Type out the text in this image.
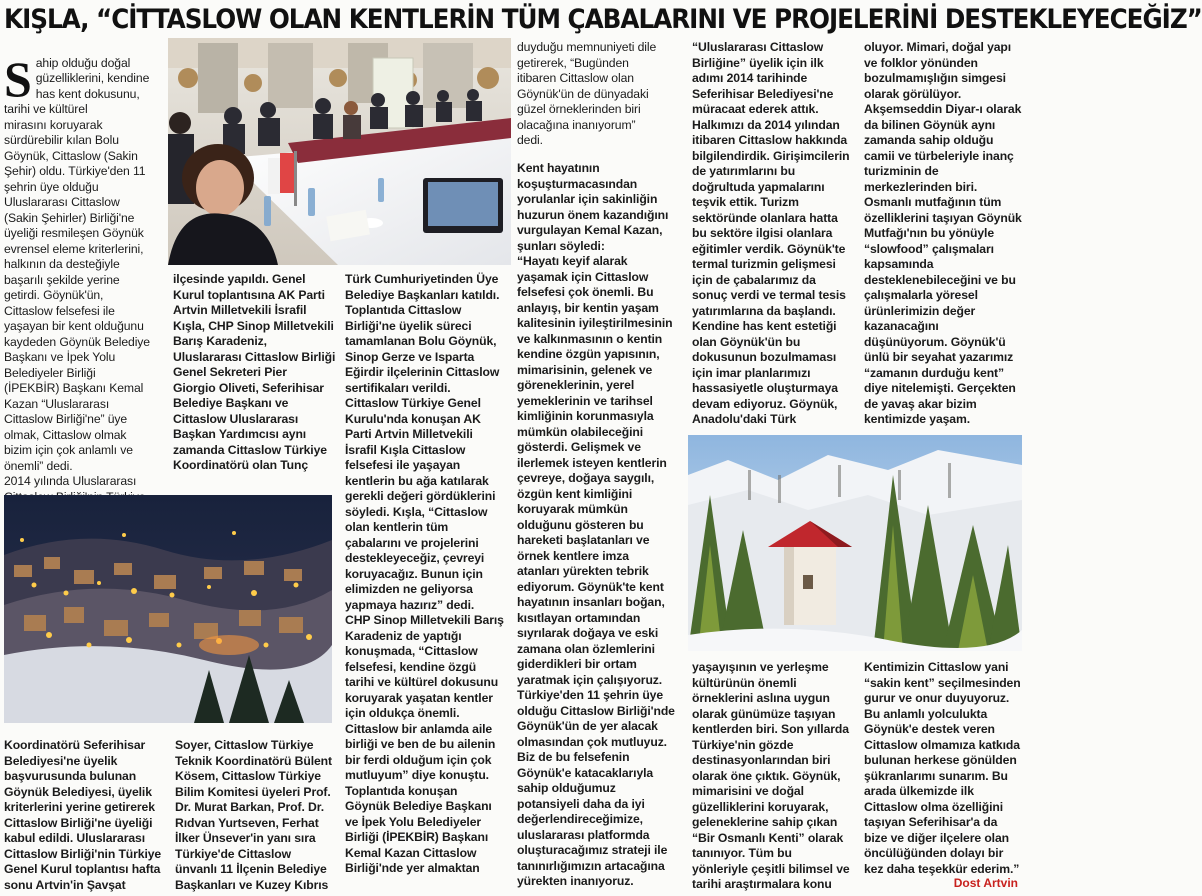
KIŞLA, “CİTTASLOW OLAN KENTLERİN TÜM ÇABALARINI VE PROJELERİNİ DESTEKLEYECEĞİZ”

Sahip olduğu doğal
güzelliklerini, kendine
has kent dokusunu,
tarihi ve kültürel
mirasını koruyarak
sürdürebilir kılan Bolu
Göynük, Cittaslow (Sakin
Şehir) oldu. Türkiye'den 11
şehrin üye olduğu
Uluslararası Cittaslow
(Sakin Şehirler) Birliği'ne
üyeliği resmileşen Göynük
evrensel eleme kriterlerini,
halkının da desteğiyle
başarılı şekilde yerine
getirdi. Göynük'ün,
Cittaslow felsefesi ile
yaşayan bir kent olduğunu
kaydeden Göynük Belediye
Başkanı ve İpek Yolu
Belediyeler Birliği
(İPEKBİR) Başkanı Kemal
Kazan “Uluslararası
Cittaslow Birliği'ne” üye
olmak, Cittaslow olmak
bizim için çok anlamlı ve
önemli” dedi.
2014 yılında Uluslararası

ilçesinde yapıldı. Genel
Kurul toplantısına AK Parti
Artvin Milletvekili İsrafil
Kışla, CHP Sinop Milletvekili
Barış Karadeniz,
Uluslararası Cittaslow Birliği
Genel Sekreteri Pier
Giorgio Oliveti, Seferihisar
Belediye Başkanı ve
Cittaslow Uluslararası
Başkan Yardımcısı aynı
zamanda Cittaslow Türkiye
Koordinatörü olan Tunç
Türk Cumhuriyetinden Üye
Belediye Başkanları katıldı.
Toplantıda Cittaslow
Birliği'ne üyelik süreci
tamamlanan Bolu Göynük,
Sinop Gerze ve Isparta
Eğirdir ilçelerinin Cittaslow
sertifikaları verildi.
Cittaslow Türkiye Genel
Kurulu'nda konuşan AK
Parti Artvin Milletvekili
İsrafil Kışla Cittaslow
felsefesi ile yaşayan
kentlerin bu ağa katılarak
gerekli değeri gördüklerini
söyledi. Kışla, “Cittaslow
olan kentlerin tüm
çabalarını ve projelerini
destekleyeceğiz, çevreyi
koruyacağız. Bunun için
elimizden ne geliyorsa
yapmaya hazırız” dedi.
CHP Sinop Milletvekili Barış
Karadeniz de yaptığı
konuşmada, “Cittaslow
felsefesi, kendine özgü
tarihi ve kültürel dokusunu
koruyarak yaşatan kentler
için oldukça önemli.
Cittaslow bir anlamda aile
birliği ve ben de bu ailenin
bir ferdi olduğum için çok
mutluyum” diye konuştu.
Toplantıda konuşan
Göynük Belediye Başkanı
ve İpek Yolu Belediyeler
Birliği (İPEKBİR) Başkanı
Kemal Kazan Cittaslow
Birliği'nde yer almaktan
duyduğu memnuniyeti dile
getirerek, “Bugünden
itibaren Cittaslow olan
Göynük'ün de dünyadaki
güzel örneklerinden biri
olacağına inanıyorum”
dedi.
Kent hayatının
koşuşturmacasından
yorulanlar için sakinliğin
huzurun önem kazandığını
vurgulayan Kemal Kazan,
şunları söyledi:
“Hayatı keyif alarak
yaşamak için Cittaslow
felsefesi çok önemli. Bu
anlayış, bir kentin yaşam
kalitesinin iyileştirilmesinin
ve kalkınmasının o kentin
kendine özgün yapısının,
mimarisinin, gelenek ve
göreneklerinin, yerel
yemeklerinin ve tarihsel
kimliğinin korunmasıyla
mümkün olabileceğini
gösterdi. Gelişmek ve
ilerlemek isteyen kentlerin
çevreye, doğaya saygılı,
özgün kent kimliğini
koruyarak mümkün
olduğunu gösteren bu
hareketi başlatanları ve
örnek kentlere imza
atanları yürekten tebrik
ediyorum. Göynük'te kent
hayatının insanları boğan,
kısıtlayan ortamından
sıyrılarak doğaya ve eski
zamana olan özlemlerini
giderdikleri bir ortam
yaratmak için çalışıyoruz.
Türkiye'den 11 şehrin üye
olduğu Cittaslow Birliği'nde
Göynük'ün de yer alacak
olmasından çok mutluyuz.
Biz de bu felsefenin
Göynük'e katacaklarıyla
sahip olduğumuz
potansiyeli daha da iyi
değerlendireceğimize,
uluslararası platformda
oluşturacağımız strateji ile
tanınırlığımızın artacağına
yürekten inanıyoruz.
“Uluslararası Cittaslow
Birliğine” üyelik için ilk
adımı 2014 tarihinde
Seferihisar Belediyesi'ne
müracaat ederek attık.
Halkımızı da 2014 yılından
itibaren Cittaslow hakkında
bilgilendirdik. Girişimcilerin
de yatırımlarını bu
doğrultuda yapmalarını
teşvik ettik. Turizm
sektöründe olanlara hatta
bu sektöre ilgisi olanlara
eğitimler verdik. Göynük'te
termal turizmin gelişmesi
için de çabalarımız da
sonuç verdi ve termal tesis
yatırımlarına da başlandı.
Kendine has kent estetiği
olan Göynük'ün bu
dokusunun bozulmaması
için imar planlarımızı
hassasiyetle oluşturmaya
devam ediyoruz. Göynük,
Anadolu'daki Türk
oluyor. Mimari, doğal yapı
ve folklor yönünden
bozulmamışlığın simgesi
olarak görülüyor.
Akşemseddin Diyar-ı olarak
da bilinen Göynük aynı
zamanda sahip olduğu
camii ve türbeleriyle inanç
turizminin de
merkezlerinden biri.
Osmanlı mutfağının tüm
özelliklerini taşıyan Göynük
Mutfağı'nın bu yönüyle
“slowfood” çalışmaları
kapsamında
desteklenebileceğini ve bu
çalışmalarla yöresel
ürünlerimizin değer
kazanacağını
düşünüyorum. Göynük'ü
ünlü bir seyahat yazarımız
“zamanın durduğu kent”
diye nitelemişti. Gerçekten
de yavaş akar bizim
kentimizde yaşam.
Koordinatörü Seferihisar
Belediyesi'ne üyelik
başvurusunda bulunan
Göynük Belediyesi, üyelik
kriterlerini yerine getirerek
Cittaslow Birliği'ne üyeliği
kabul edildi. Uluslararası
Cittaslow Birliği'nin Türkiye
Genel Kurul toplantısı hafta
sonu Artvin'in Şavşat
Soyer, Cittaslow Türkiye
Teknik Koordinatörü Bülent
Kösem, Cittaslow Türkiye
Bilim Komitesi üyeleri Prof.
Dr. Murat Barkan, Prof. Dr.
Rıdvan Yurtseven, Ferhat
İlker Ünsever'in yanı sıra
Türkiye'de Cittaslow
ünvanlı 11 İlçenin Belediye
Başkanları ve Kuzey Kıbrıs
yaşayışının ve yerleşme
kültürünün önemli
örneklerini aslına uygun
olarak günümüze taşıyan
kentlerden biri. Son yıllarda
Türkiye'nin gözde
destinasyonlarından biri
olarak öne çıktık. Göynük,
mimarisini ve doğal
güzelliklerini koruyarak,
geleneklerine sahip çıkan
“Bir Osmanlı Kenti” olarak
tanınıyor. Tüm bu
yönleriyle çeşitli bilimsel ve
tarihi araştırmalara konu
Kentimizin Cittaslow yani
“sakin kent” seçilmesinden
gurur ve onur duyuyoruz.
Bu anlamlı yolculukta
Göynük'e destek veren
Cittaslow olmamıza katkıda
bulunan herkese gönülden
şükranlarımı sunarım. Bu
arada ülkemizde ilk
Cittaslow olma özelliğini
taşıyan Seferihisar'a da
bize ve diğer ilçelere olan
öncülüğünden dolayı bir
kez daha teşekkür ederim.”
Dost Artvin
